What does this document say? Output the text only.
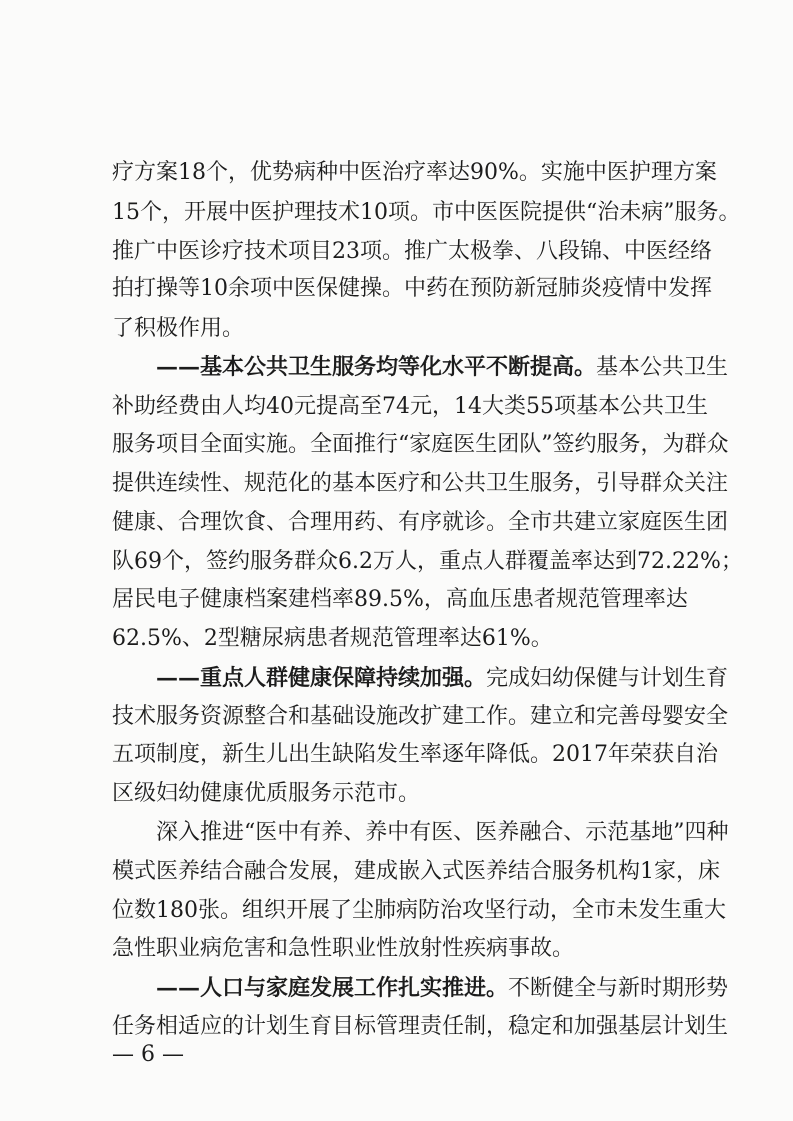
疗方案18个，优势病种中医治疗率达90%。实施中医护理方案
15个，开展中医护理技术10项。市中医医院提供“治未病”服务。
推广中医诊疗技术项目23项。推广太极拳、八段锦、中医经络
拍打操等10余项中医保健操。中药在预防新冠肺炎疫情中发挥
了积极作用。
——基本公共卫生服务均等化水平不断提高。基本公共卫生
补助经费由人均40元提高至74元，14大类55项基本公共卫生
服务项目全面实施。全面推行“家庭医生团队”签约服务，为群众
提供连续性、规范化的基本医疗和公共卫生服务，引导群众关注
健康、合理饮食、合理用药、有序就诊。全市共建立家庭医生团
队69个，签约服务群众6.2万人，重点人群覆盖率达到72.22%；
居民电子健康档案建档率89.5%，高血压患者规范管理率达
62.5%、2型糖尿病患者规范管理率达61%。
——重点人群健康保障持续加强。完成妇幼保健与计划生育
技术服务资源整合和基础设施改扩建工作。建立和完善母婴安全
五项制度，新生儿出生缺陷发生率逐年降低。2017年荣获自治
区级妇幼健康优质服务示范市。
深入推进“医中有养、养中有医、医养融合、示范基地”四种
模式医养结合融合发展，建成嵌入式医养结合服务机构1家，床
位数180张。组织开展了尘肺病防治攻坚行动，全市未发生重大
急性职业病危害和急性职业性放射性疾病事故。
——人口与家庭发展工作扎实推进。不断健全与新时期形势
任务相适应的计划生育目标管理责任制，稳定和加强基层计划生
— 6 —
